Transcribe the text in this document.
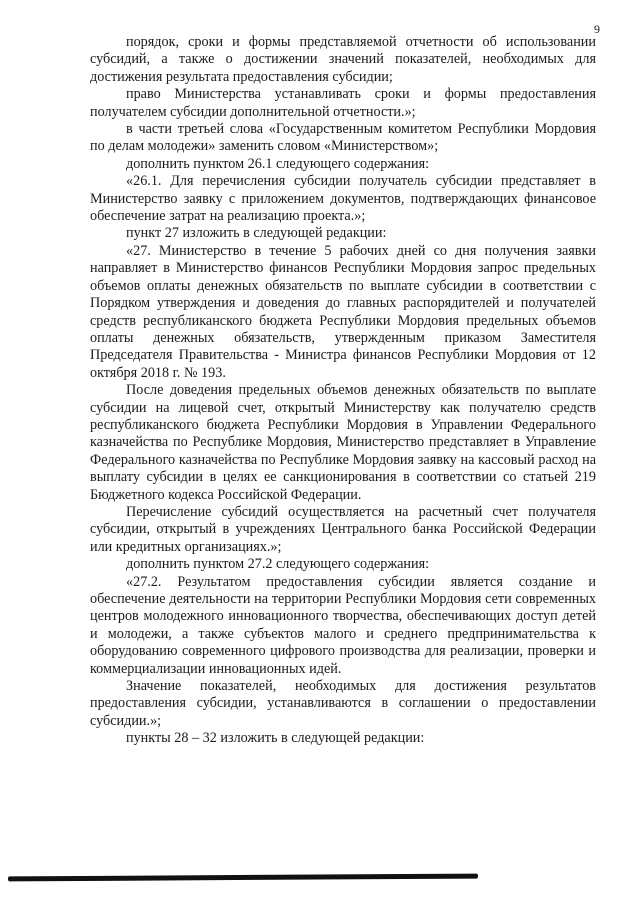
9

порядок, сроки и формы представляемой отчетности об использовании субсидий, а также о достижении значений показателей, необходимых для достижения результата предоставления субсидии;

право Министерства устанавливать сроки и формы предоставления получателем субсидии дополнительной отчетности.»;

в части третьей слова «Государственным комитетом Республики Мордовия по делам молодежи» заменить словом «Министерством»;

дополнить пунктом 26.1 следующего содержания:

«26.1. Для перечисления субсидии получатель субсидии представляет в Министерство заявку с приложением документов, подтверждающих финансовое обеспечение затрат на реализацию проекта.»;

пункт 27 изложить в следующей редакции:

«27. Министерство в течение 5 рабочих дней со дня получения заявки направляет в Министерство финансов Республики Мордовия запрос предельных объемов оплаты денежных обязательств по выплате субсидии в соответствии с Порядком утверждения и доведения до главных распорядителей и получателей средств республиканского бюджета Республики Мордовия предельных объемов оплаты денежных обязательств, утвержденным приказом Заместителя Председателя Правительства - Министра финансов Республики Мордовия от 12 октября 2018 г. № 193.

После доведения предельных объемов денежных обязательств по выплате субсидии на лицевой счет, открытый Министерству как получателю средств республиканского бюджета Республики Мордовия в Управлении Федерального казначейства по Республике Мордовия, Министерство представляет в Управление Федерального казначейства по Республике Мордовия заявку на кассовый расход на выплату субсидии в целях ее санкционирования в соответствии со статьей 219 Бюджетного кодекса Российской Федерации.

Перечисление субсидий осуществляется на расчетный счет получателя субсидии, открытый в учреждениях Центрального банка Российской Федерации или кредитных организациях.»;

дополнить пунктом 27.2 следующего содержания:

«27.2. Результатом предоставления субсидии является создание и обеспечение деятельности на территории Республики Мордовия сети современных центров молодежного инновационного творчества, обеспечивающих доступ детей и молодежи, а также субъектов малого и среднего предпринимательства к оборудованию современного цифрового производства для реализации, проверки и коммерциализации инновационных идей.

Значение показателей, необходимых для достижения результатов предоставления субсидии, устанавливаются в соглашении о предоставлении субсидии.»;

пункты 28 – 32 изложить в следующей редакции:
